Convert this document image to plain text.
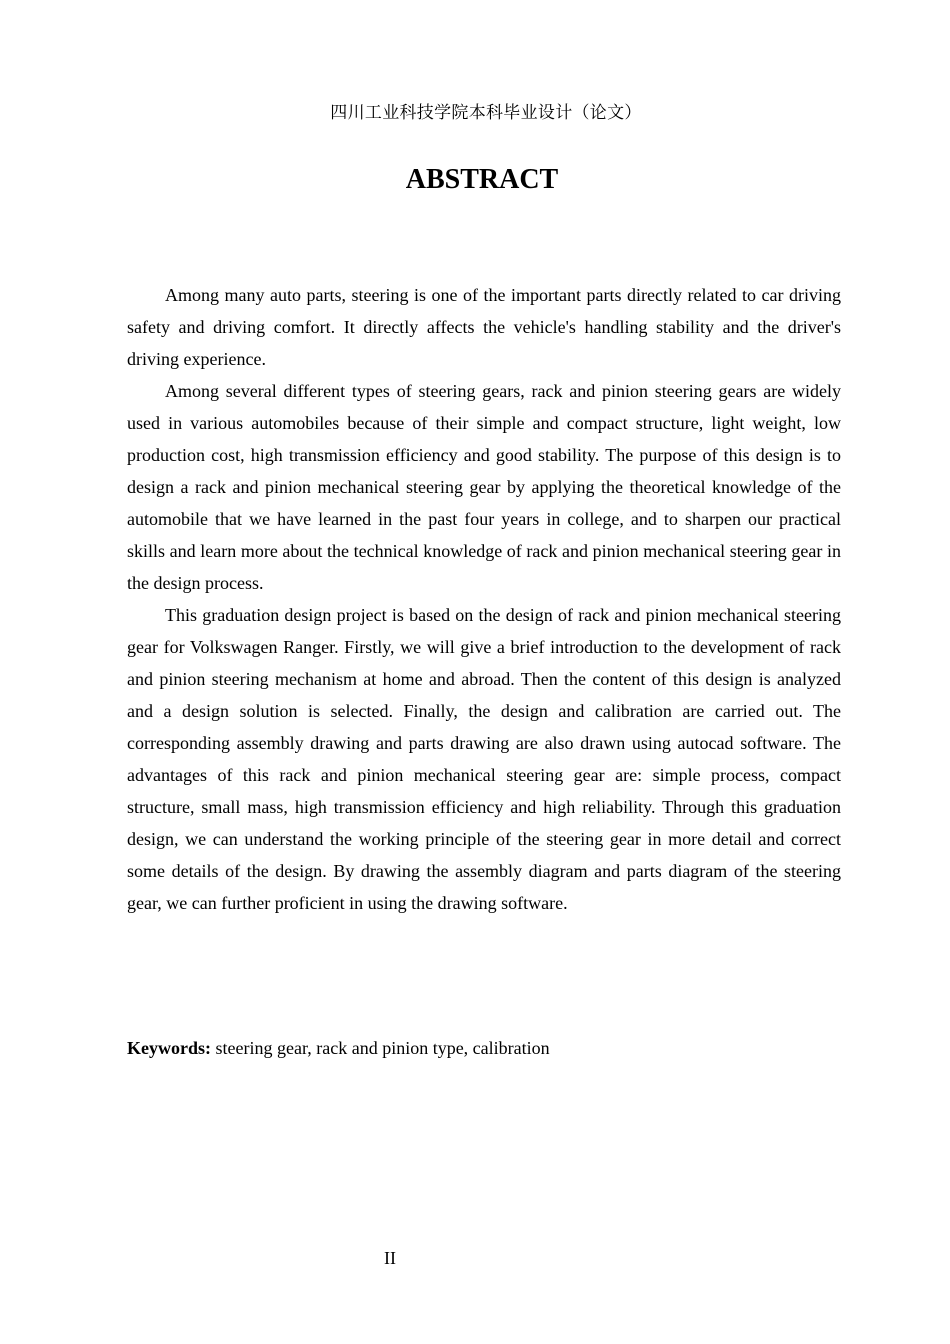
四川工业科技学院本科毕业设计（论文）
ABSTRACT

Among many auto parts, steering is one of the important parts directly related to car driving safety and driving comfort. It directly affects the vehicle's handling stability and the driver's driving experience.

Among several different types of steering gears, rack and pinion steering gears are widely used in various automobiles because of their simple and compact structure, light weight, low production cost, high transmission efficiency and good stability. The purpose of this design is to design a rack and pinion mechanical steering gear by applying the theoretical knowledge of the automobile that we have learned in the past four years in college, and to sharpen our practical skills and learn more about the technical knowledge of rack and pinion mechanical steering gear in the design process.

This graduation design project is based on the design of rack and pinion mechanical steering gear for Volkswagen Ranger. Firstly, we will give a brief introduction to the development of rack and pinion steering mechanism at home and abroad. Then the content of this design is analyzed and a design solution is selected. Finally, the design and calibration are carried out. The corresponding assembly drawing and parts drawing are also drawn using autocad software. The advantages of this rack and pinion mechanical steering gear are: simple process, compact structure, small mass, high transmission efficiency and high reliability. Through this graduation design, we can understand the working principle of the steering gear in more detail and correct some details of the design. By drawing the assembly diagram and parts diagram of the steering gear, we can further proficient in using the drawing software.

Keywords: steering gear, rack and pinion type, calibration
II
